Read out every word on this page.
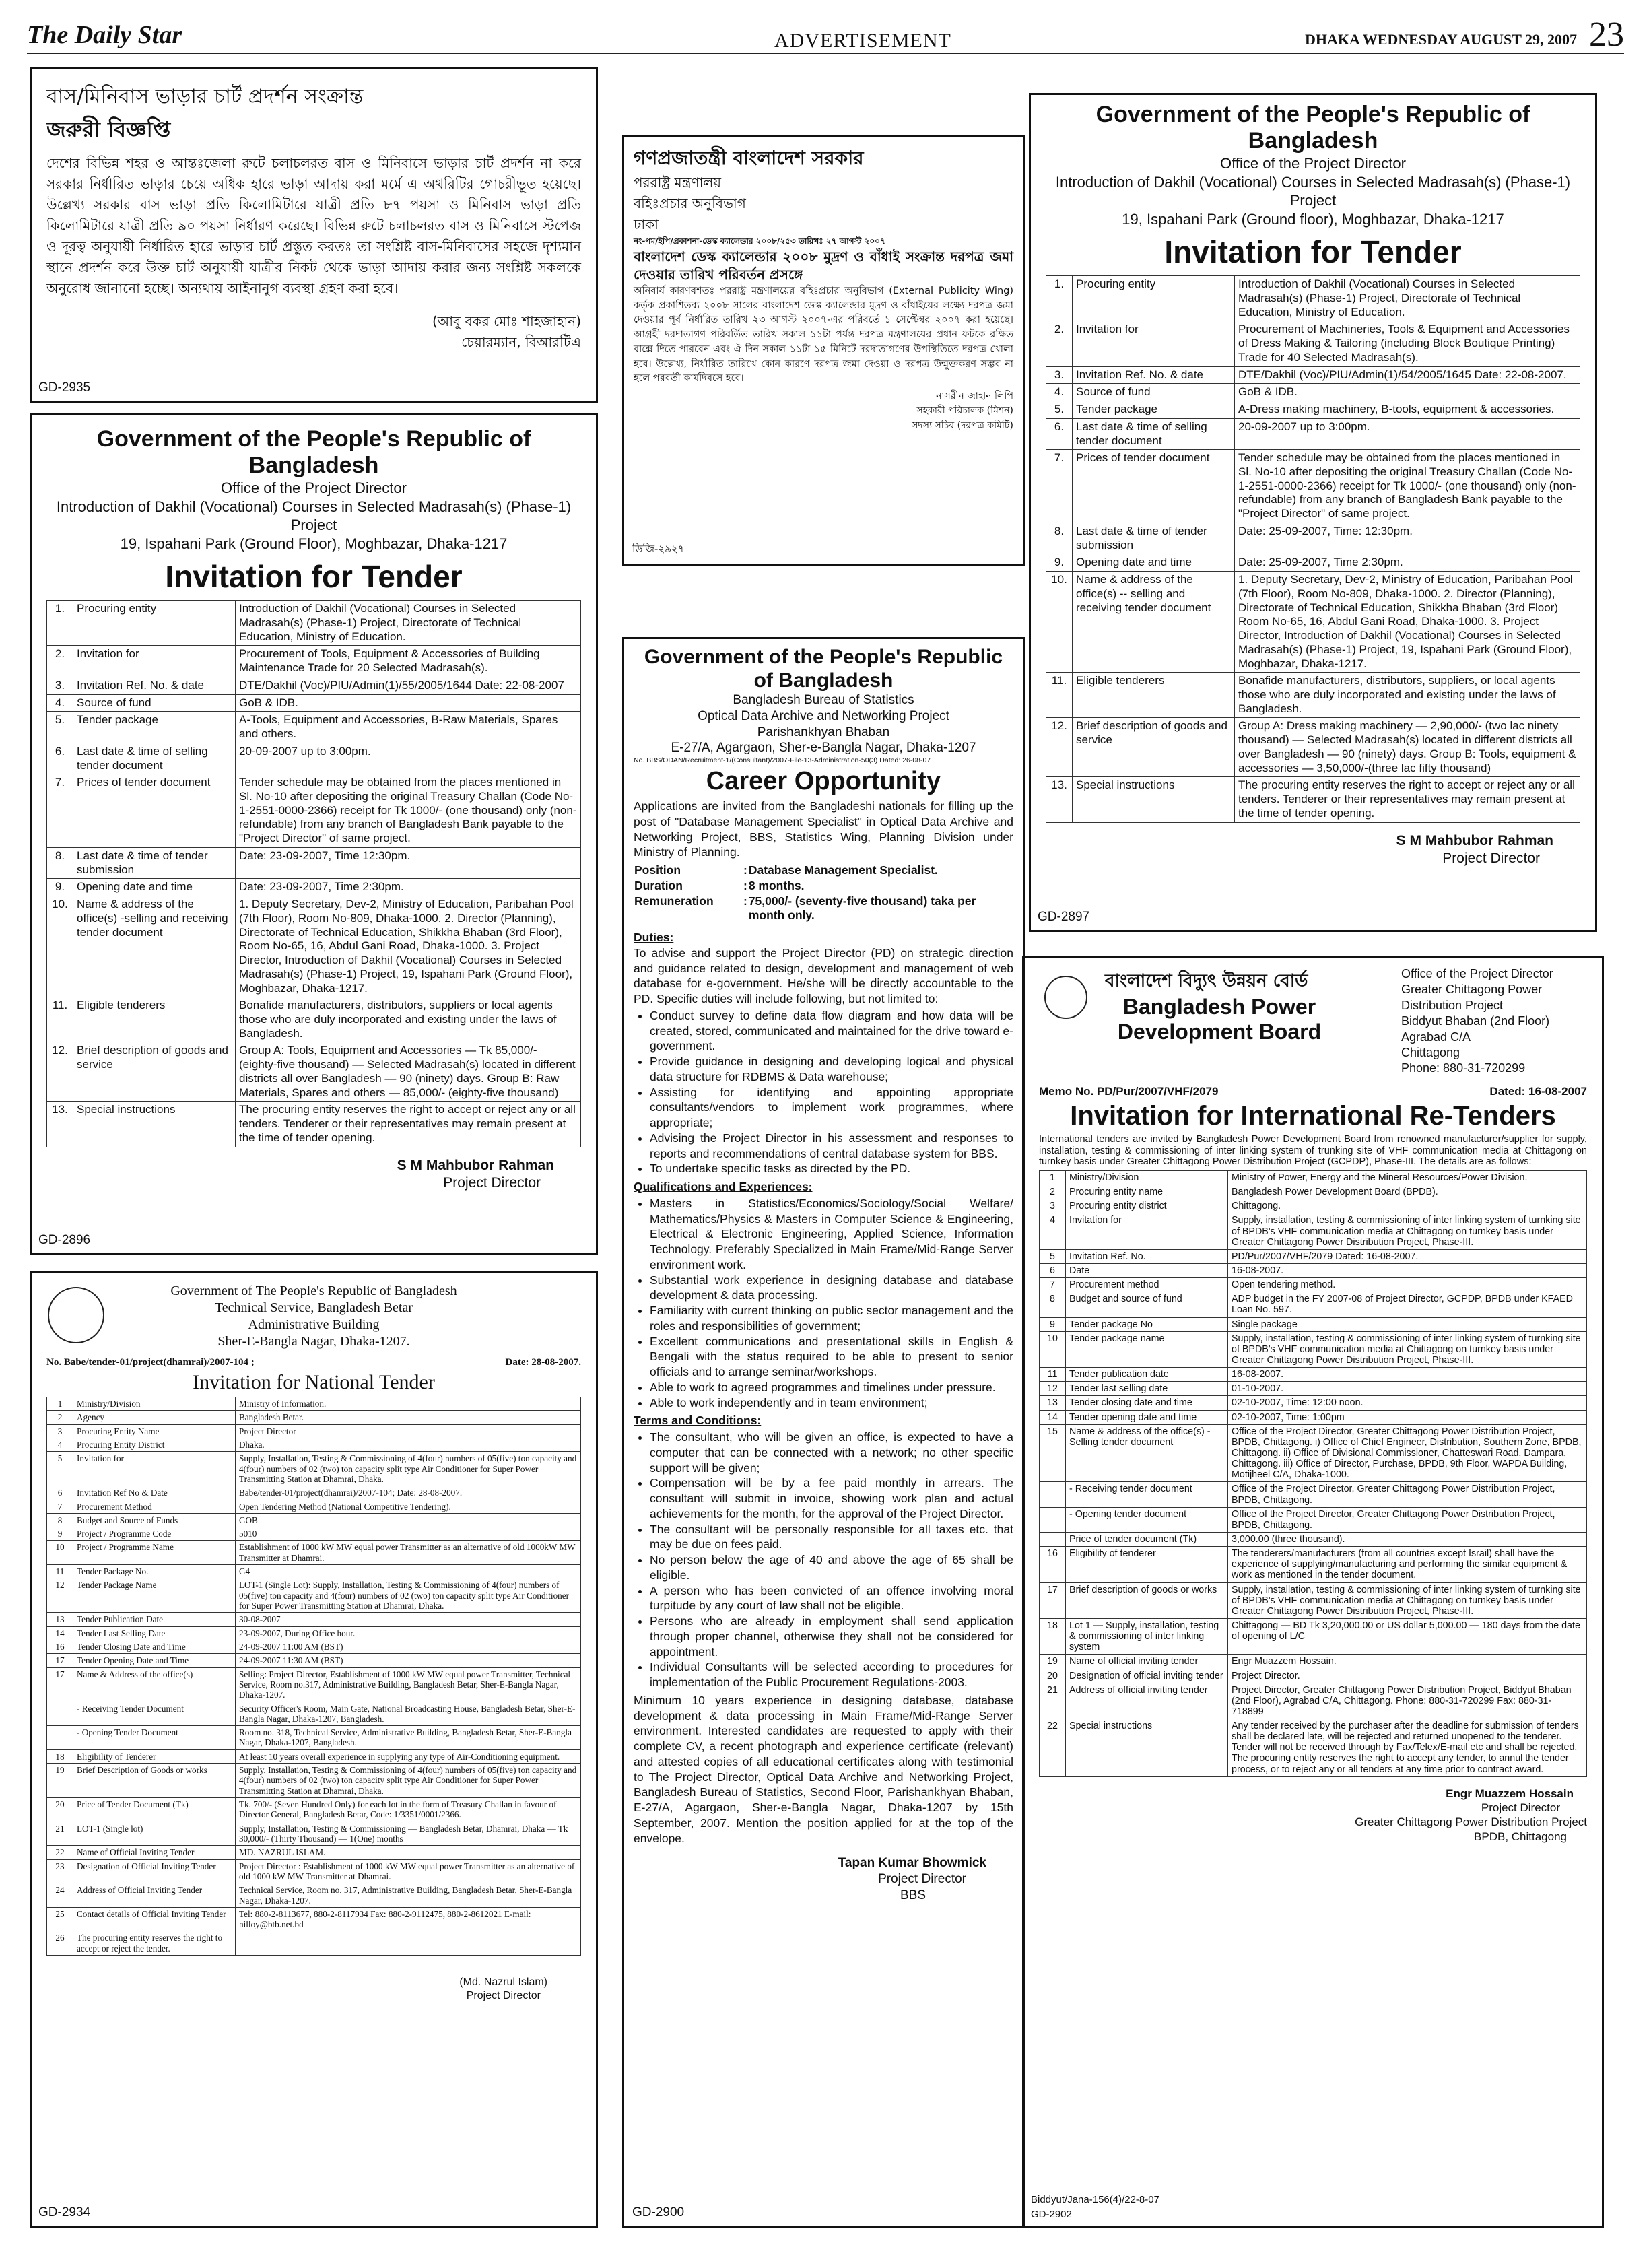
The Daily Star	ADVERTISEMENT	DHAKA WEDNESDAY AUGUST 29, 2007 23
বাস/মিনিবাস ভাড়ার চার্ট প্রদর্শন সংক্রান্ত
জরুরী বিজ্ঞপ্তি
দেশের বিভিন্ন শহর ও আন্তঃজেলা রুটে চলাচলরত বাস ও মিনিবাসে ভাড়ার চার্ট প্রদর্শন না করে সরকার নির্ধারিত ভাড়ার চেয়ে অধিক হারে ভাড়া আদায় করা মর্মে এ অথরিটির গোচরীভূত হয়েছে। উল্লেখ্য সরকার বাস ভাড়া প্রতি কিলোমিটারে যাত্রী প্রতি ৮৭ পয়সা ও মিনিবাস ভাড়া প্রতি কিলোমিটারে যাত্রী প্রতি ৯০ পয়সা নির্ধারণ করেছে। বিভিন্ন রুটে চলাচলরত বাস ও মিনিবাসে স্টপেজ ও দূরত্ব অনুযায়ী নির্ধারিত হারে ভাড়ার চার্ট প্রস্তুত করতঃ তা সংশ্লিষ্ট বাস-মিনিবাসের সহজে দৃশ্যমান স্থানে প্রদর্শন করে উক্ত চার্ট অনুযায়ী যাত্রীর নিকট থেকে ভাড়া আদায় করার জন্য সংশ্লিষ্ট সকলকে অনুরোধ জানানো হচ্ছে। অন্যথায় আইনানুগ ব্যবস্থা গ্রহণ করা হবে।
(আবু বকর মোঃ শাহজাহান)
চেয়ারম্যান, বিআরটিএ
GD-2935
Government of the People's Republic of Bangladesh
Office of the Project Director
Introduction of Dakhil (Vocational) Courses in Selected Madrasah(s) (Phase-1) Project
19, Ispahani Park (Ground Floor), Moghbazar, Dhaka-1217
Invitation for Tender
1.	Procuring entity	Introduction of Dakhil (Vocational) Courses in Selected Madrasah(s) (Phase-1) Project, Directorate of Technical Education, Ministry of Education.
2.	Invitation for	Procurement of Tools, Equipment & Accessories of Building Maintenance Trade for 20 Selected Madrasah(s).
3.	Invitation Ref. No. & date	DTE/Dakhil (Voc)/PIU/Admin(1)/55/2005/1644 Date: 22-08-2007
4.	Source of fund	GoB & IDB.
5.	Tender package	A-Tools, Equipment and Accessories, B-Raw Materials, Spares and others.
6.	Last date & time of selling tender document	20-09-2007 up to 3:00pm.
7.	Prices of tender document	Tender schedule may be obtained from the places mentioned in Sl. No-10 after depositing the original Treasury Challan (Code No-1-2551-0000-2366) receipt for Tk 1000/- (one thousand) only (non-refundable) from any branch of Bangladesh Bank payable to the "Project Director" of same project.
8.	Last date & time of tender submission	Date: 23-09-2007, Time 12:30pm.
9.	Opening date and time	Date: 23-09-2007, Time 2:30pm.
10.	Name & address of the office(s) -selling and receiving tender document	1. Deputy Secretary, Dev-2, Ministry of Education, Paribahan Pool (7th Floor), Room No-809, Dhaka-1000. 2. Director (Planning), Directorate of Technical Education, Shikkha Bhaban (3rd Floor), Room No-65, 16, Abdul Gani Road, Dhaka-1000. 3. Project Director, Introduction of Dakhil (Vocational) Courses in Selected Madrasah(s) (Phase-1) Project, 19, Ispahani Park (Ground Floor), Moghbazar, Dhaka-1217.
11.	Eligible tenderers	Bonafide manufacturers, distributors, suppliers or local agents those who are duly incorporated and existing under the laws of Bangladesh.
12.	Brief description of goods and service	Group A: Tools, Equipment and Accessories — Tk 85,000/- (eighty-five thousand) — Selected Madrasah(s) located in different districts all over Bangladesh — 90 (ninety) days. Group B: Raw Materials, Spares and others — 85,000/- (eighty-five thousand)
13.	Special instructions	The procuring entity reserves the right to accept or reject any or all tenders. Tenderer or their representatives may remain present at the time of tender opening.
S M Mahbubor Rahman
Project Director
GD-2896
Government of The People's Republic of Bangladesh
Technical Service, Bangladesh Betar
Administrative Building
Sher-E-Bangla Nagar, Dhaka-1207.
No. Babe/tender-01/project(dhamrai)/2007-104 ;	Date: 28-08-2007.
Invitation for National Tender
1	Ministry/Division	Ministry of Information.
2	Agency	Bangladesh Betar.
3	Procuring Entity Name	Project Director
4	Procuring Entity District	Dhaka.
5	Invitation for	Supply, Installation, Testing & Commissioning of 4(four) numbers of 05(five) ton capacity and 4(four) numbers of 02 (two) ton capacity split type Air Conditioner for Super Power Transmitting Station at Dhamrai, Dhaka.
6	Invitation Ref No & Date	Babe/tender-01/project(dhamrai)/2007-104; Date: 28-08-2007.
7	Procurement Method	Open Tendering Method (National Competitive Tendering).
8	Budget and Source of Funds	GOB
9	Project / Programme Code	5010
10	Project / Programme Name	Establishment of 1000 kW MW equal power Transmitter as an alternative of old 1000kW MW Transmitter at Dhamrai.
11	Tender Package No.	G4
12	Tender Package Name	LOT-1 (Single Lot): Supply, Installation, Testing & Commissioning of 4(four) numbers of 05(five) ton capacity and 4(four) numbers of 02 (two) ton capacity split type Air Conditioner for Super Power Transmitting Station at Dhamrai, Dhaka.
13	Tender Publication Date	30-08-2007
14	Tender Last Selling Date	23-09-2007, During Office hour.
16	Tender Closing Date and Time	24-09-2007 11:00 AM (BST)
17	Tender Opening Date and Time	24-09-2007 11:30 AM (BST)
17	Name & Address of the office(s)	Selling: Project Director, Establishment of 1000 kW MW equal power Transmitter, Technical Service, Room no.317, Administrative Building, Bangladesh Betar, Sher-E-Bangla Nagar, Dhaka-1207.
	- Receiving Tender Document	Security Officer's Room, Main Gate, National Broadcasting House, Bangladesh Betar, Sher-E-Bangla Nagar, Dhaka-1207, Bangladesh.
	- Opening Tender Document	Room no. 318, Technical Service, Administrative Building, Bangladesh Betar, Sher-E-Bangla Nagar, Dhaka-1207, Bangladesh.
18	Eligibility of Tenderer	At least 10 years overall experience in supplying any type of Air-Conditioning equipment.
19	Brief Description of Goods or works	Supply, Installation, Testing & Commissioning of 4(four) numbers of 05(five) ton capacity and 4(four) numbers of 02 (two) ton capacity split type Air Conditioner for Super Power Transmitting Station at Dhamrai, Dhaka.
20	Price of Tender Document (Tk)	Tk. 700/- (Seven Hundred Only) for each lot in the form of Treasury Challan in favour of Director General, Bangladesh Betar, Code: 1/3351/0001/2366.
21	LOT-1 (Single lot)	Supply, Installation, Testing & Commissioning — Bangladesh Betar, Dhamrai, Dhaka — Tk 30,000/- (Thirty Thousand) — 1(One) months
22	Name of Official Inviting Tender	MD. NAZRUL ISLAM.
23	Designation of Official Inviting Tender	Project Director : Establishment of 1000 kW MW equal power Transmitter as an alternative of old 1000 kW MW Transmitter at Dhamrai.
24	Address of Official Inviting Tender	Technical Service, Room no. 317, Administrative Building, Bangladesh Betar, Sher-E-Bangla Nagar, Dhaka-1207.
25	Contact details of Official Inviting Tender	Tel: 880-2-8113677, 880-2-8117934 Fax: 880-2-9112475, 880-2-8612021 E-mail: nilloy@btb.net.bd
26	The procuring entity reserves the right to accept or reject the tender.	
(Md. Nazrul Islam)
Project Director
GD-2934
গণপ্রজাতন্ত্রী বাংলাদেশ সরকার
পররাষ্ট্র মন্ত্রণালয়
বহিঃপ্রচার অনুবিভাগ
ঢাকা
নং-পম/ইপি/প্রকাশনা-ডেস্ক ক্যালেন্ডার ২০০৮/২৫৩ তারিখঃ ২৭ আগস্ট ২০০৭
বাংলাদেশ ডেস্ক ক্যালেন্ডার ২০০৮ মুদ্রণ ও বাঁধাই সংক্রান্ত দরপত্র জমা দেওয়ার তারিখ পরিবর্তন প্রসঙ্গে
অনিবার্য কারণবশতঃ পররাষ্ট্র মন্ত্রণালয়ের বহিঃপ্রচার অনুবিভাগ (External Publicity Wing) কর্তৃক প্রকাশিতব্য ২০০৮ সালের বাংলাদেশ ডেস্ক ক্যালেন্ডার মুদ্রণ ও বাঁধাইয়ের লক্ষ্যে দরপত্র জমা দেওয়ার পূর্ব নির্ধারিত তারিখ ২৩ আগস্ট ২০০৭-এর পরিবর্তে ১ সেপ্টেম্বর ২০০৭ করা হয়েছে। আগ্রহী দরদাতাগণ পরিবর্তিত তারিখ সকাল ১১টা পর্যন্ত দরপত্র মন্ত্রণালয়ের প্রধান ফটকে রক্ষিত বাক্সে দিতে পারবেন এবং ঐ দিন সকাল ১১টা ১৫ মিনিটে দরদাতাগণের উপস্থিতিতে দরপত্র খোলা হবে। উল্লেখ্য, নির্ধারিত তারিখে কোন কারণে দরপত্র জমা দেওয়া ও দরপত্র উন্মুক্তকরণ সম্ভব না হলে পরবর্তী কার্যদিবসে হবে।
নাসরীন জাহান লিপি
সহকারী পরিচালক (মিশন)
সদস্য সচিব (দরপত্র কমিটি)
ডিজি-২৯২৭
Government of the People's Republic of Bangladesh
Bangladesh Bureau of Statistics
Optical Data Archive and Networking Project
Parishankhyan Bhaban
E-27/A, Agargaon, Sher-e-Bangla Nagar, Dhaka-1207
No. BBS/ODAN/Recruitment-1/(Consultant)/2007-File-13-Administration-50(3) Dated: 26-08-07
Career Opportunity
Applications are invited from the Bangladeshi nationals for filling up the post of "Database Management Specialist" in Optical Data Archive and Networking Project, BBS, Statistics Wing, Planning Division under Ministry of Planning.
Position	:	Database Management Specialist.
Duration	:	8 months.
Remuneration	:	75,000/- (seventy-five thousand) taka per month only.
Duties:
To advise and support the Project Director (PD) on strategic direction and guidance related to design, development and management of web database for e-government. He/she will be directly accountable to the PD. Specific duties will include following, but not limited to:
• Conduct survey to define data flow diagram and how data will be created, stored, communicated and maintained for the drive toward e-government.
• Provide guidance in designing and developing logical and physical data structure for RDBMS & Data warehouse;
• Assisting for identifying and appointing appropriate consultants/vendors to implement work programmes, where appropriate;
• Advising the Project Director in his assessment and responses to reports and recommendations of central database system for BBS.
• To undertake specific tasks as directed by the PD.
Qualifications and Experiences:
• Masters in Statistics/Economics/Sociology/Social Welfare/ Mathematics/Physics & Masters in Computer Science & Engineering, Electrical & Electronic Engineering, Applied Science, Information Technology. Preferably Specialized in Main Frame/Mid-Range Server environment work.
• Substantial work experience in designing database and database development & data processing.
• Familiarity with current thinking on public sector management and the roles and responsibilities of government;
• Excellent communications and presentational skills in English & Bengali with the status required to be able to present to senior officials and to arrange seminar/workshops.
• Able to work to agreed programmes and timelines under pressure.
• Able to work independently and in team environment;
Terms and Conditions:
• The consultant, who will be given an office, is expected to have a computer that can be connected with a network; no other specific support will be given;
• Compensation will be by a fee paid monthly in arrears. The consultant will submit in invoice, showing work plan and actual achievements for the month, for the approval of the Project Director.
• The consultant will be personally responsible for all taxes etc. that may be due on fees paid.
• No person below the age of 40 and above the age of 65 shall be eligible.
• A person who has been convicted of an offence involving moral turpitude by any court of law shall not be eligible.
• Persons who are already in employment shall send application through proper channel, otherwise they shall not be considered for appointment.
• Individual Consultants will be selected according to procedures for implementation of the Public Procurement Regulations-2003.
Minimum 10 years experience in designing database, database development & data processing in Main Frame/Mid-Range Server environment. Interested candidates are requested to apply with their complete CV, a recent photograph and experience certificate (relevant) and attested copies of all educational certificates along with testimonial to The Project Director, Optical Data Archive and Networking Project, Bangladesh Bureau of Statistics, Second Floor, Parishankhyan Bhaban, E-27/A, Agargaon, Sher-e-Bangla Nagar, Dhaka-1207 by 15th September, 2007. Mention the position applied for at the top of the envelope.
Tapan Kumar Bhowmick
Project Director
BBS
GD-2900
Government of the People's Republic of Bangladesh
Office of the Project Director
Introduction of Dakhil (Vocational) Courses in Selected Madrasah(s) (Phase-1) Project
19, Ispahani Park (Ground floor), Moghbazar, Dhaka-1217
Invitation for Tender
1.	Procuring entity	Introduction of Dakhil (Vocational) Courses in Selected Madrasah(s) (Phase-1) Project, Directorate of Technical Education, Ministry of Education.
2.	Invitation for	Procurement of Machineries, Tools & Equipment and Accessories of Dress Making & Tailoring (including Block Boutique Printing) Trade for 40 Selected Madrasah(s).
3.	Invitation Ref. No. & date	DTE/Dakhil (Voc)/PIU/Admin(1)/54/2005/1645 Date: 22-08-2007.
4.	Source of fund	GoB & IDB.
5.	Tender package	A-Dress making machinery, B-tools, equipment & accessories.
6.	Last date & time of selling tender document	20-09-2007 up to 3:00pm.
7.	Prices of tender document	Tender schedule may be obtained from the places mentioned in Sl. No-10 after depositing the original Treasury Challan (Code No- 1-2551-0000-2366) receipt for Tk 1000/- (one thousand) only (non-refundable) from any branch of Bangladesh Bank payable to the "Project Director" of same project.
8.	Last date & time of tender submission	Date: 25-09-2007, Time: 12:30pm.
9.	Opening date and time	Date: 25-09-2007, Time 2:30pm.
10.	Name & address of the office(s) -- selling and receiving tender document	1. Deputy Secretary, Dev-2, Ministry of Education, Paribahan Pool (7th Floor), Room No-809, Dhaka-1000. 2. Director (Planning), Directorate of Technical Education, Shikkha Bhaban (3rd Floor) Room No-65, 16, Abdul Gani Road, Dhaka-1000. 3. Project Director, Introduction of Dakhil (Vocational) Courses in Selected Madrasah(s) (Phase-1) Project, 19, Ispahani Park (Ground Floor), Moghbazar, Dhaka-1217.
11.	Eligible tenderers	Bonafide manufacturers, distributors, suppliers, or local agents those who are duly incorporated and existing under the laws of Bangladesh.
12.	Brief description of goods and service	Group A: Dress making machinery — 2,90,000/- (two lac ninety thousand) — Selected Madrasah(s) located in different districts all over Bangladesh — 90 (ninety) days. Group B: Tools, equipment & accessories — 3,50,000/-(three lac fifty thousand)
13.	Special instructions	The procuring entity reserves the right to accept or reject any or all tenders. Tenderer or their representatives may remain present at the time of tender opening.
S M Mahbubor Rahman
Project Director
GD-2897
বাংলাদেশ বিদ্যুৎ উন্নয়ন বোর্ড
Bangladesh Power Development Board
Office of the Project Director
Greater Chittagong Power Distribution Project
Biddyut Bhaban (2nd Floor)
Agrabad C/A
Chittagong
Phone: 880-31-720299
Memo No. PD/Pur/2007/VHF/2079	Dated: 16-08-2007
Invitation for International Re-Tenders
International tenders are invited by Bangladesh Power Development Board from renowned manufacturer/supplier for supply, installation, testing & commissioning of inter linking system of trunking site of VHF communication media at Chittagong on turnkey basis under Greater Chittagong Power Distribution Project (GCPDP), Phase-III. The details are as follows:
1	Ministry/Division	Ministry of Power, Energy and the Mineral Resources/Power Division.
2	Procuring entity name	Bangladesh Power Development Board (BPDB).
3	Procuring entity district	Chittagong.
4	Invitation for	Supply, installation, testing & commissioning of inter linking system of turnking site of BPDB's VHF communication media at Chittagong on turnkey basis under Greater Chittagong Power Distribution Project, Phase-III.
5	Invitation Ref. No.	PD/Pur/2007/VHF/2079 Dated: 16-08-2007.
6	Date	16-08-2007.
7	Procurement method	Open tendering method.
8	Budget and source of fund	ADP budget in the FY 2007-08 of Project Director, GCPDP, BPDB under KFAED Loan No. 597.
9	Tender package No	Single package
10	Tender package name	Supply, installation, testing & commissioning of inter linking system of turnking site of BPDB's VHF communication media at Chittagong on turnkey basis under Greater Chittagong Power Distribution Project, Phase-III.
11	Tender publication date	16-08-2007.
12	Tender last selling date	01-10-2007.
13	Tender closing date and time	02-10-2007, Time: 12:00 noon.
14	Tender opening date and time	02-10-2007, Time: 1:00pm
15	Name & address of the office(s) - Selling tender document	Office of the Project Director, Greater Chittagong Power Distribution Project, BPDB, Chittagong. i) Office of Chief Engineer, Distribution, Southern Zone, BPDB, Chittagong. ii) Office of Divisional Commissioner, Chatteswari Road, Dampara, Chittagong. iii) Office of Director, Purchase, BPDB, 9th Floor, WAPDA Building, Motijheel C/A, Dhaka-1000.
	- Receiving tender document	Office of the Project Director, Greater Chittagong Power Distribution Project, BPDB, Chittagong.
	- Opening tender document	Office of the Project Director, Greater Chittagong Power Distribution Project, BPDB, Chittagong.
	Price of tender document (Tk)	3,000.00 (three thousand).
16	Eligibility of tenderer	The tenderers/manufacturers (from all countries except Israil) shall have the experience of supplying/manufacturing and performing the similar equipment & work as mentioned in the tender document.
17	Brief description of goods or works	Supply, installation, testing & commissioning of inter linking system of turnking site of BPDB's VHF communication media at Chittagong on turnkey basis under Greater Chittagong Power Distribution Project, Phase-III.
18	Lot 1 — Supply, installation, testing & commissioning of inter linking system	Chittagong — BD Tk 3,20,000.00 or US dollar 5,000.00 — 180 days from the date of opening of L/C
19	Name of official inviting tender	Engr Muazzem Hossain.
20	Designation of official inviting tender	Project Director.
21	Address of official inviting tender	Project Director, Greater Chittagong Power Distribution Project, Biddyut Bhaban (2nd Floor), Agrabad C/A, Chittagong. Phone: 880-31-720299 Fax: 880-31-718899
22	Special instructions	Any tender received by the purchaser after the deadline for submission of tenders shall be declared late, will be rejected and returned unopened to the tenderer. Tender will not be received through by Fax/Telex/E-mail etc and shall be rejected. The procuring entity reserves the right to accept any tender, to annul the tender process, or to reject any or all tenders at any time prior to contract award.
Engr Muazzem Hossain
Project Director
Greater Chittagong Power Distribution Project
BPDB, Chittagong
Biddyut/Jana-156(4)/22-8-07
GD-2902
